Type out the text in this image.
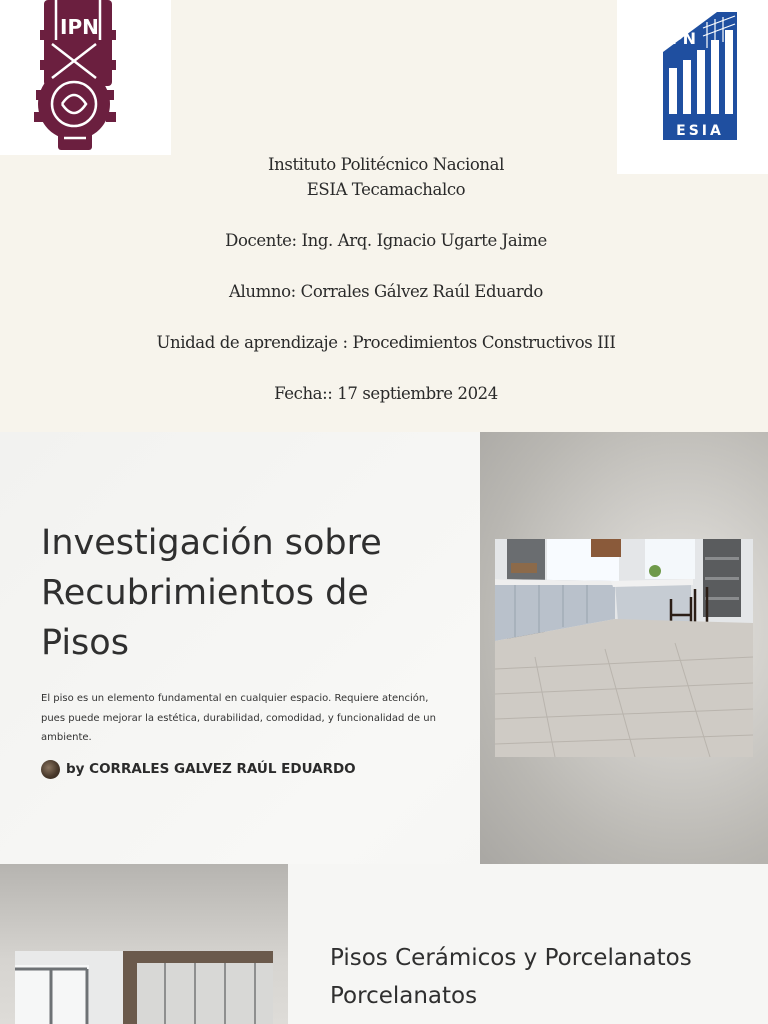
IPN	IPN
ESIA
Instituto Politécnico Nacional
ESIA Tecamachalco
Docente: Ing. Arq. Ignacio Ugarte Jaime
Alumno: Corrales Gálvez Raúl Eduardo
Unidad de aprendizaje : Procedimientos Constructivos III
Fecha:: 17 septiembre 2024
Investigación sobre
Recubrimientos de
Pisos

El piso es un elemento fundamental en cualquier espacio. Requiere atención,
pues puede mejorar la estética, durabilidad, comodidad, y funcionalidad de un
ambiente.

by CORRALES GALVEZ RAÚL EDUARDO
Pisos Cerámicos y Porcelanatos
Porcelanatos
